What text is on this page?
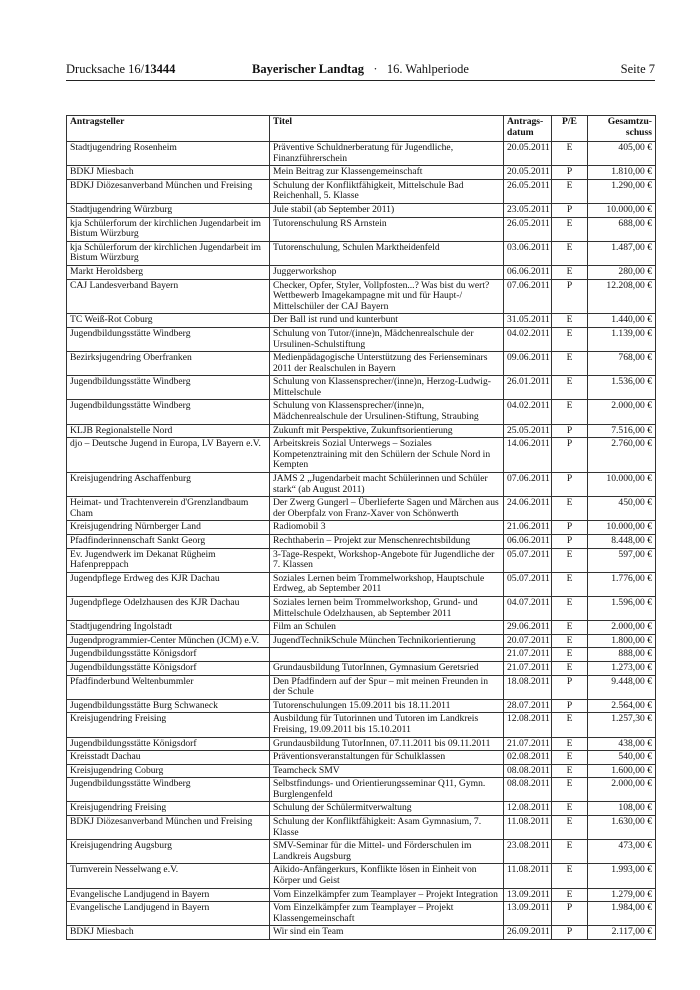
Drucksache 16/13444	Bayerischer Landtag · 16. Wahlperiode	Seite 7
Antragsteller	Titel	Antrags-datum	P/E	Gesamtzu-schuss
Stadtjugendring Rosenheim	Präventive Schuldnerberatung für Jugendliche, Finanzführerschein	20.05.2011	E	405,00 €
BDKJ Miesbach	Mein Beitrag zur Klassengemeinschaft	20.05.2011	P	1.810,00 €
BDKJ Diözesanverband München und Freising	Schulung der Konfliktfähigkeit, Mittelschule Bad Reichenhall, 5. Klasse	26.05.2011	E	1.290,00 €
Stadtjugendring Würzburg	Jule stabil (ab September 2011)	23.05.2011	P	10.000,00 €
kja Schülerforum der kirchlichen Jugendarbeit im Bistum Würzburg	Tutorenschulung RS Arnstein	26.05.2011	E	688,00 €
kja Schülerforum der kirchlichen Jugendarbeit im Bistum Würzburg	Tutorenschulung, Schulen Marktheidenfeld	03.06.2011	E	1.487,00 €
Markt Heroldsberg	Juggerworkshop	06.06.2011	E	280,00 €
CAJ Landesverband Bayern	Checker, Opfer, Styler, Vollpfosten...? Was bist du wert? Wettbewerb Imagekampagne mit und für Haupt-/ Mittelschüler der CAJ Bayern	07.06.2011	P	12.208,00 €
TC Weiß-Rot Coburg	Der Ball ist rund und kunterbunt	31.05.2011	E	1.440,00 €
Jugendbildungsstätte Windberg	Schulung von Tutor/(inne)n, Mädchenrealschule der Ursulinen-Schulstiftung	04.02.2011	E	1.139,00 €
Bezirksjugendring Oberfranken	Medienpädagogische Unterstützung des Ferienseminars 2011 der Realschulen in Bayern	09.06.2011	E	768,00 €
Jugendbildungsstätte Windberg	Schulung von Klassensprecher/(inne)n, Herzog-Ludwig-Mittelschule	26.01.2011	E	1.536,00 €
Jugendbildungsstätte Windberg	Schulung von Klassensprecher/(inne)n, Mädchenrealschule der Ursulinen-Stiftung, Straubing	04.02.2011	E	2.000,00 €
KLJB Regionalstelle Nord	Zukunft mit Perspektive, Zukunftsorientierung	25.05.2011	P	7.516,00 €
djo – Deutsche Jugend in Europa, LV Bayern e.V.	Arbeitskreis Sozial Unterwegs – Soziales Kompetenztraining mit den Schülern der Schule Nord in Kempten	14.06.2011	P	2.760,00 €
Kreisjugendring Aschaffenburg	JAMS 2 „Jugendarbeit macht Schülerinnen und Schüler stark“ (ab August 2011)	07.06.2011	P	10.000,00 €
Heimat- und Trachtenverein d'Grenzlandbaum Cham	Der Zwerg Gungerl – Überlieferte Sagen und Märchen aus der Oberpfalz von Franz-Xaver von Schönwerth	24.06.2011	E	450,00 €
Kreisjugendring Nürnberger Land	Radiomobil 3	21.06.2011	P	10.000,00 €
Pfadfinderinnenschaft Sankt Georg	Rechthaberin – Projekt zur Menschenrechtsbildung	06.06.2011	P	8.448,00 €
Ev. Jugendwerk im Dekanat Rügheim Hafenpreppach	3-Tage-Respekt, Workshop-Angebote für Jugendliche der 7. Klassen	05.07.2011	E	597,00 €
Jugendpflege Erdweg des KJR Dachau	Soziales Lernen beim Trommelworkshop, Hauptschule Erdweg, ab September 2011	05.07.2011	E	1.776,00 €
Jugendpflege Odelzhausen des KJR Dachau	Soziales lernen beim Trommelworkshop, Grund- und Mittelschule Odelzhausen, ab September 2011	04.07.2011	E	1.596,00 €
Stadtjugendring Ingolstadt	Film an Schulen	29.06.2011	E	2.000,00 €
Jugendprogrammier-Center München (JCM) e.V.	JugendTechnikSchule München Technikorientierung	20.07.2011	E	1.800,00 €
Jugendbildungsstätte Königsdorf		21.07.2011	E	888,00 €
Jugendbildungsstätte Königsdorf	Grundausbildung TutorInnen, Gymnasium Geretsried	21.07.2011	E	1.273,00 €
Pfadfinderbund Weltenbummler	Den Pfadfindern auf der Spur – mit meinen Freunden in der Schule	18.08.2011	P	9.448,00 €
Jugendbildungsstätte Burg Schwaneck	Tutorenschulungen 15.09.2011 bis 18.11.2011	28.07.2011	P	2.564,00 €
Kreisjugendring Freising	Ausbildung für Tutorinnen und Tutoren im Landkreis Freising, 19.09.2011 bis 15.10.2011	12.08.2011	E	1.257,30 €
Jugendbildungsstätte Königsdorf	Grundausbildung TutorInnen, 07.11.2011 bis 09.11.2011	21.07.2011	E	438,00 €
Kreisstadt Dachau	Präventionsveranstaltungen für Schulklassen	02.08.2011	E	540,00 €
Kreisjugendring Coburg	Teamcheck SMV	08.08.2011	E	1.600,00 €
Jugendbildungsstätte Windberg	Selbstfindungs- und Orientierungsseminar Q11, Gymn. Burglengenfeld	08.08.2011	E	2.000,00 €
Kreisjugendring Freising	Schulung der Schülermitverwaltung	12.08.2011	E	108,00 €
BDKJ Diözesanverband München und Freising	Schulung der Konfliktfähigkeit: Asam Gymnasium, 7. Klasse	11.08.2011	E	1.630,00 €
Kreisjugendring Augsburg	SMV-Seminar für die Mittel- und Förderschulen im Landkreis Augsburg	23.08.2011	E	473,00 €
Turnverein Nesselwang e.V.	Aikido-Anfängerkurs, Konflikte lösen in Einheit von Körper und Geist	11.08.2011	E	1.993,00 €
Evangelische Landjugend in Bayern	Vom Einzelkämpfer zum Teamplayer – Projekt Integration	13.09.2011	E	1.279,00 €
Evangelische Landjugend in Bayern	Vom Einzelkämpfer zum Teamplayer – Projekt Klassengemeinschaft	13.09.2011	P	1.984,00 €
BDKJ Miesbach	Wir sind ein Team	26.09.2011	P	2.117,00 €
